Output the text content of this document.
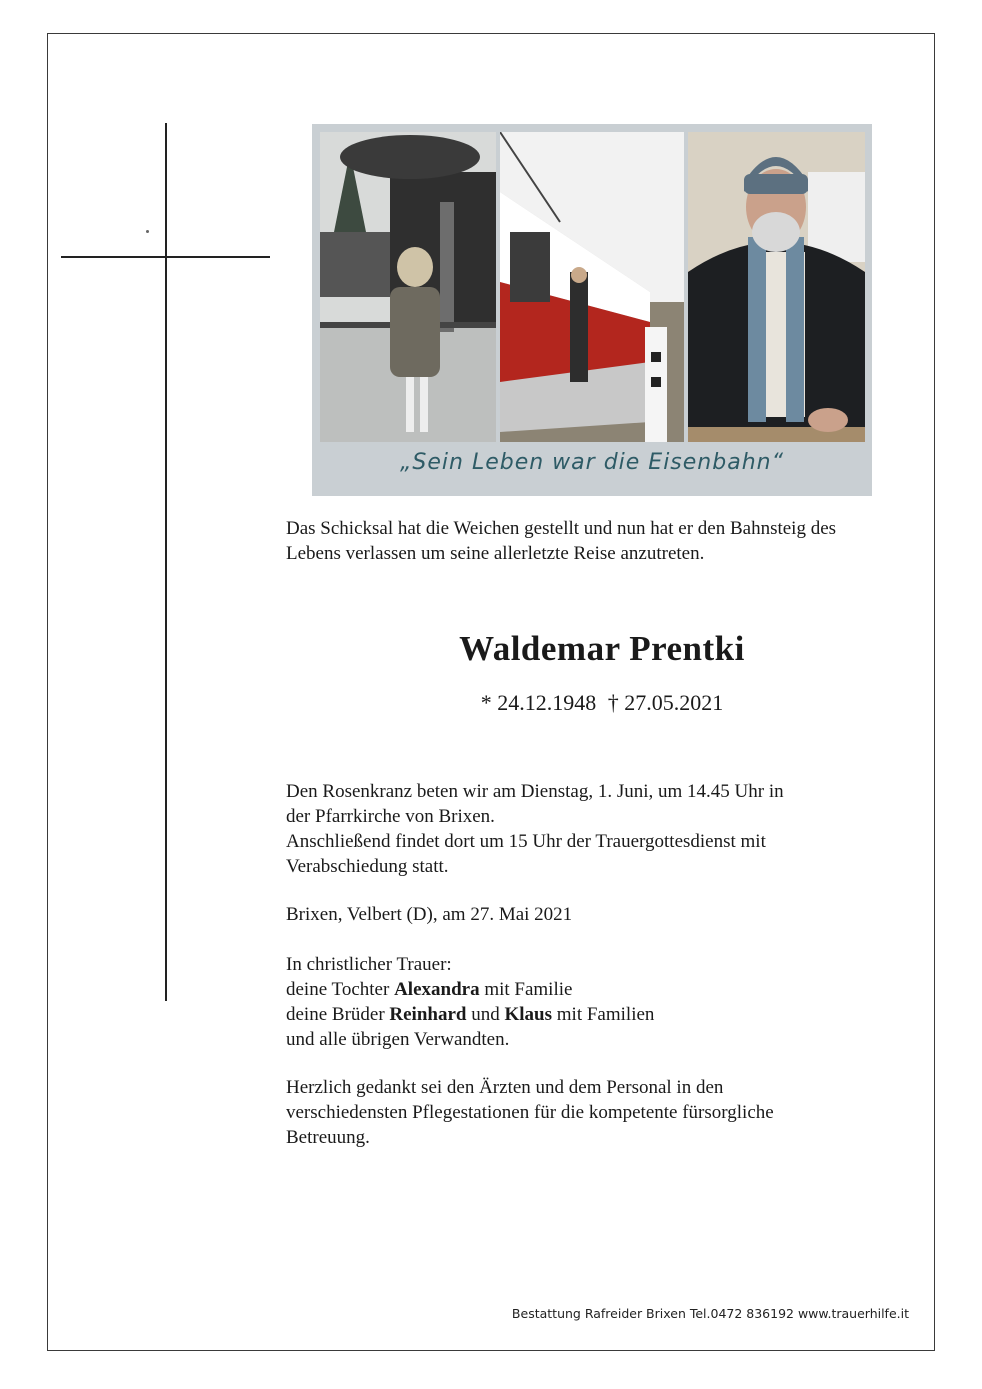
„Sein Leben war die Eisenbahn“
Das Schicksal hat die Weichen gestellt und nun hat er den Bahnsteig des
Lebens verlassen um seine allerletzte Reise anzutreten.
Waldemar Prentki
* 24.12.1948 † 27.05.2021
Den Rosenkranz beten wir am Dienstag, 1. Juni, um 14.45 Uhr in
der Pfarrkirche von Brixen.
Anschließend findet dort um 15 Uhr der Trauergottesdienst mit
Verabschiedung statt.
Brixen, Velbert (D), am 27. Mai 2021
In christlicher Trauer:
deine Tochter Alexandra mit Familie
deine Brüder Reinhard und Klaus mit Familien
und alle übrigen Verwandten.
Herzlich gedankt sei den Ärzten und dem Personal in den
verschiedensten Pflegestationen für die kompetente fürsorgliche
Betreuung.
Bestattung Rafreider Brixen Tel.0472 836192 www.trauerhilfe.it
